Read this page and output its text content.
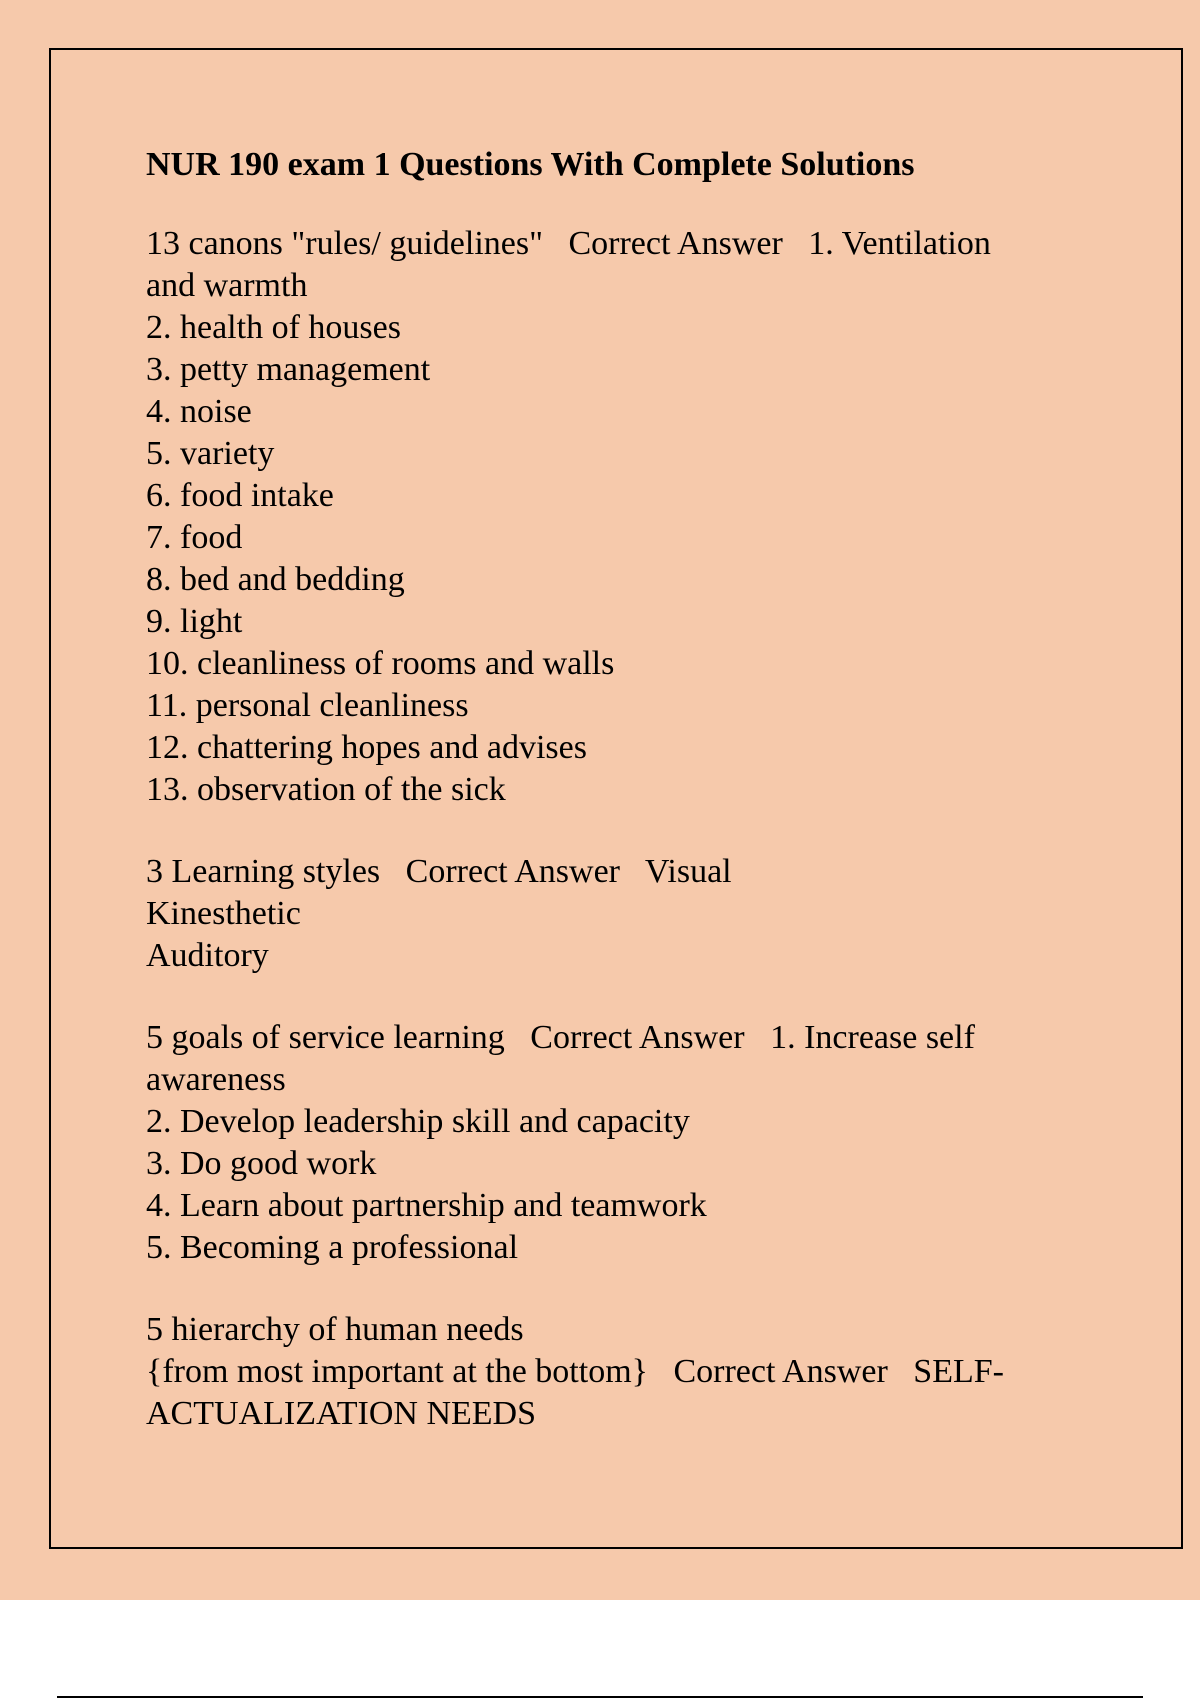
NUR 190 exam 1 Questions With Complete Solutions
13 canons "rules/ guidelines"   Correct Answer   1. Ventilation
and warmth
2. health of houses
3. petty management
4. noise
5. variety
6. food intake
7. food
8. bed and bedding
9. light
10. cleanliness of rooms and walls
11. personal cleanliness
12. chattering hopes and advises
13. observation of the sick
3 Learning styles   Correct Answer   Visual
Kinesthetic
Auditory
5 goals of service learning   Correct Answer   1. Increase self
awareness
2. Develop leadership skill and capacity
3. Do good work
4. Learn about partnership and teamwork
5. Becoming a professional
5 hierarchy of human needs
{from most important at the bottom}   Correct Answer   SELF-
ACTUALIZATION NEEDS
